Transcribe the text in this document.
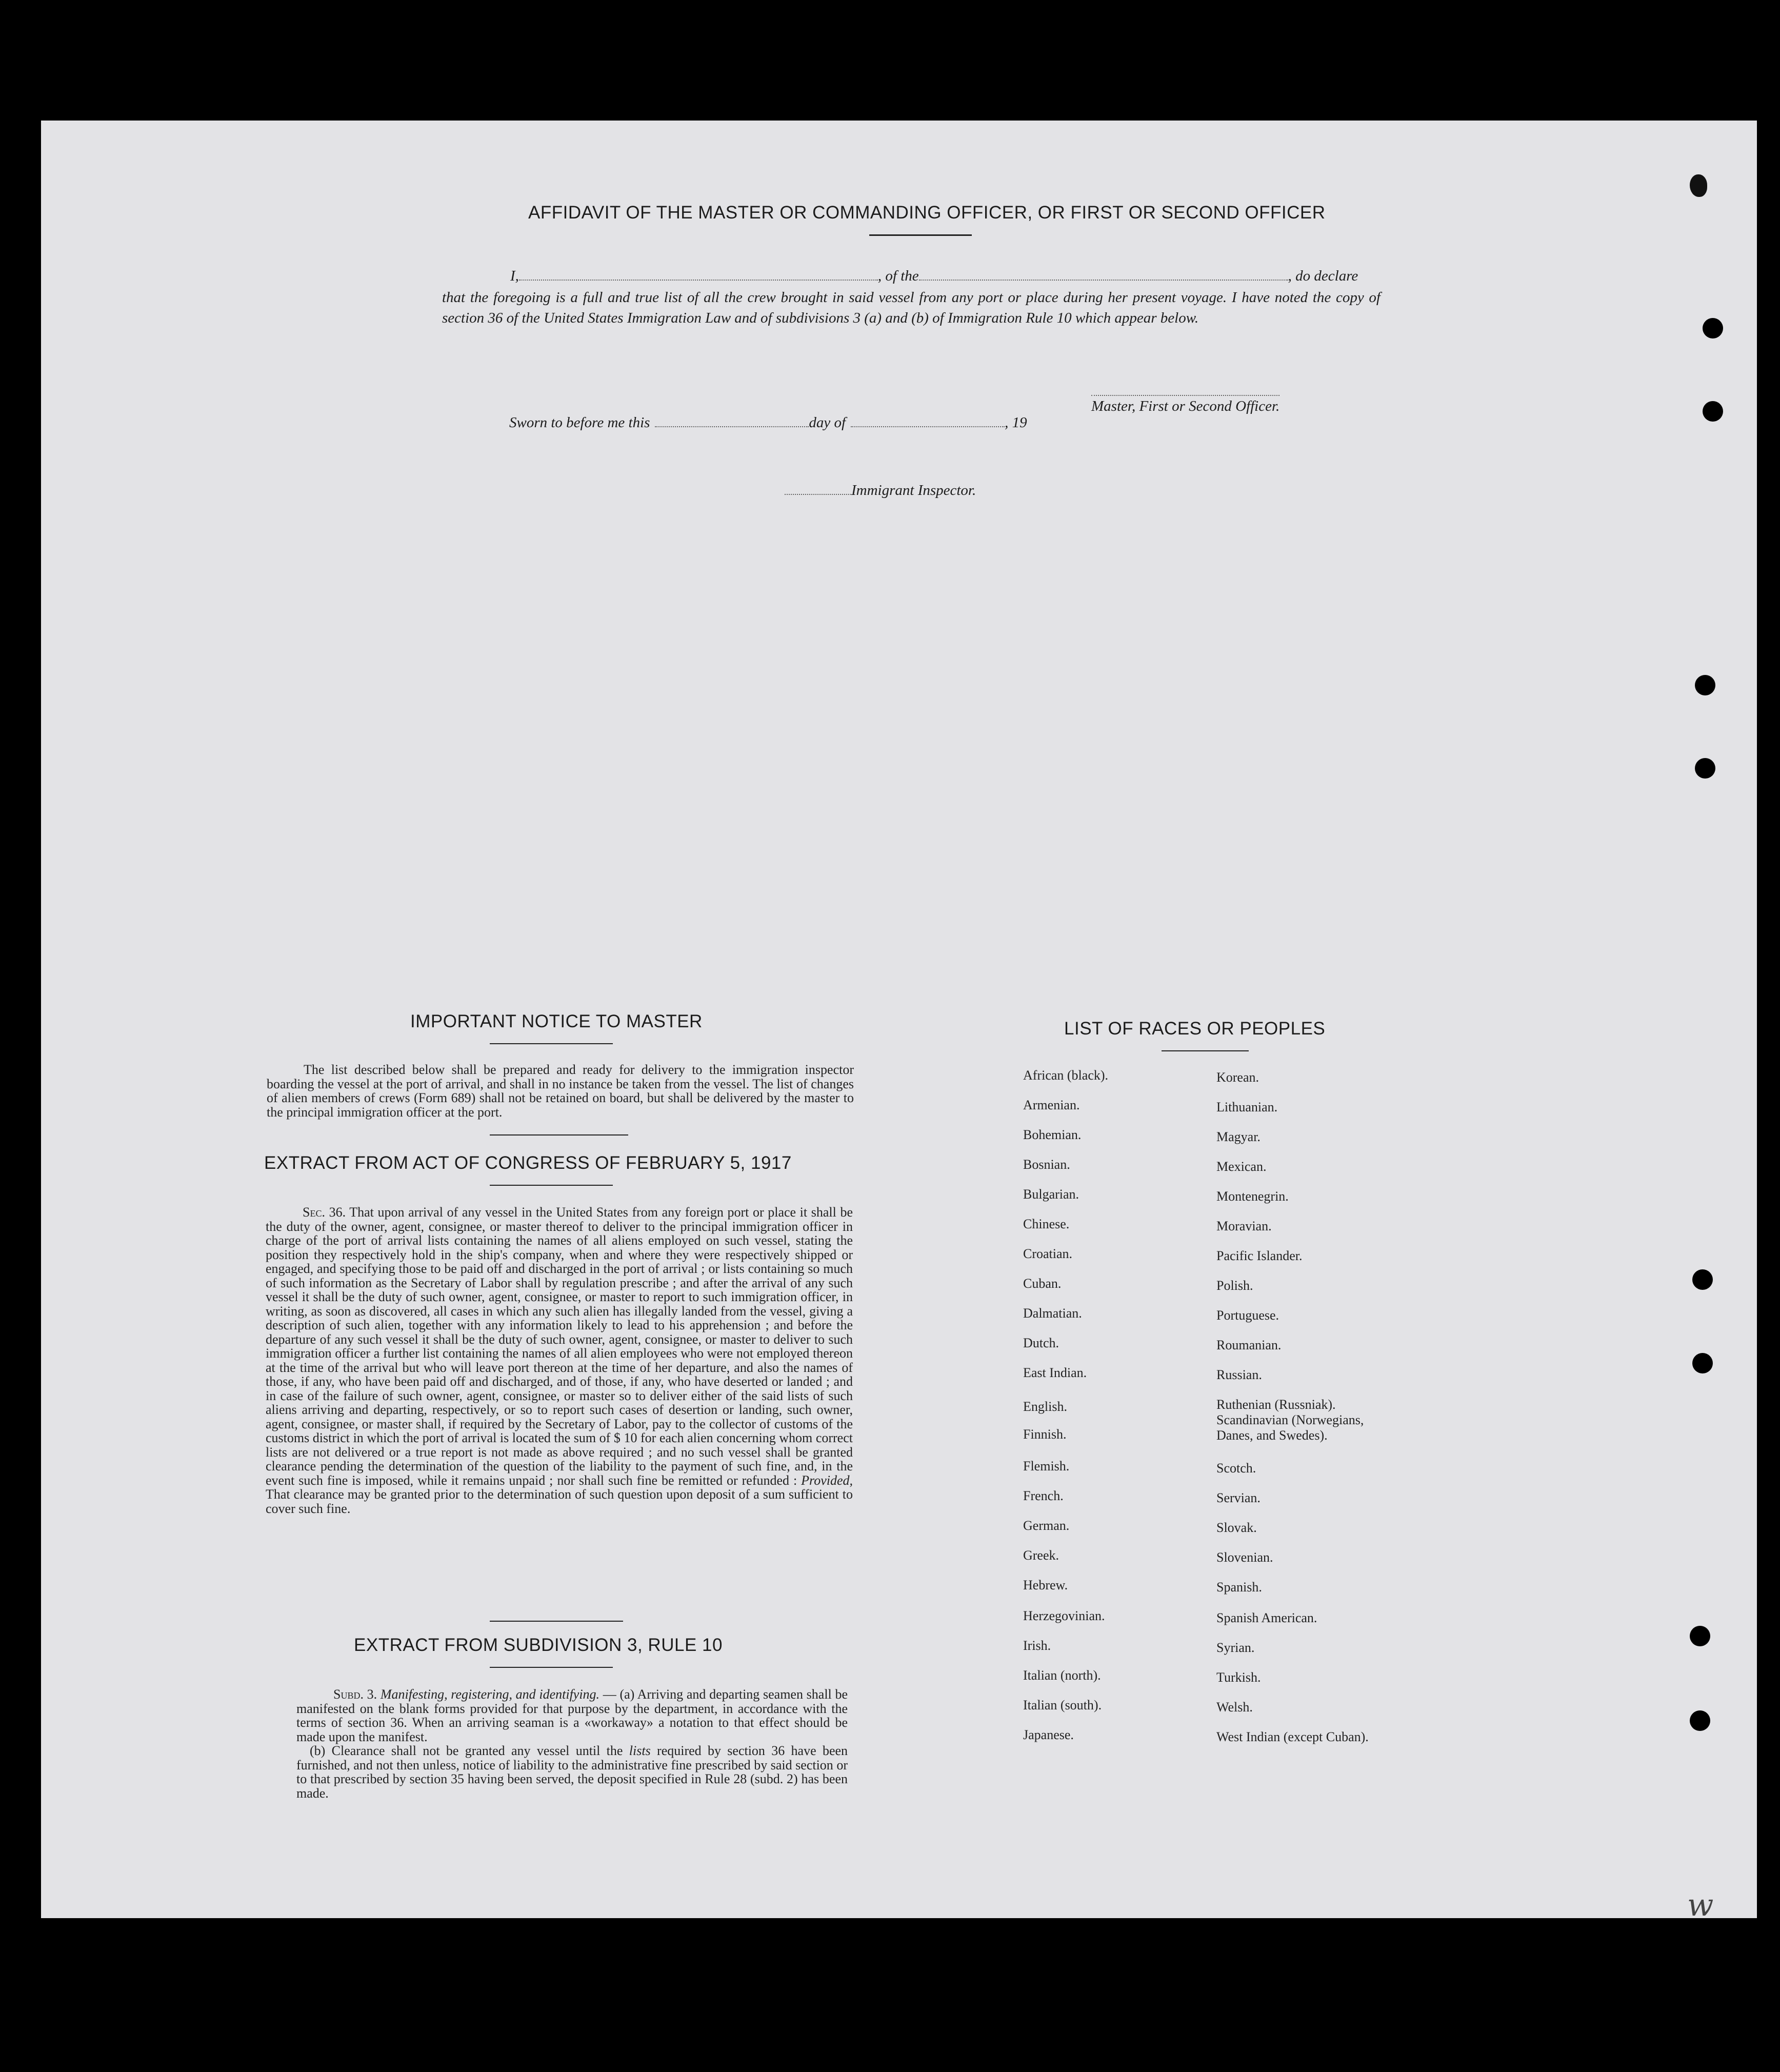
AFFIDAVIT OF THE MASTER OR COMMANDING OFFICER, OR FIRST OR SECOND OFFICER
I,	, of the	, do declare
that the foregoing is a full and true list of all the crew brought in said vessel from any port or place during her present voyage. I have noted the copy of section 36 of the United States Immigration Law and of subdivisions 3 (a) and (b) of Immigration Rule 10 which appear below.
Master, First or Second Officer.
Sworn to before me this	day of	, 19
Immigrant Inspector.
IMPORTANT NOTICE TO MASTER
The list described below shall be prepared and ready for delivery to the immigration inspector boarding the vessel at the port of arrival, and shall in no instance be taken from the vessel. The list of changes of alien members of crews (Form 689) shall not be retained on board, but shall be delivered by the master to the principal immigration officer at the port.
EXTRACT FROM ACT OF CONGRESS OF FEBRUARY 5, 1917
Sec. 36. That upon arrival of any vessel in the United States from any foreign port or place it shall be the duty of the owner, agent, consignee, or master thereof to deliver to the principal immigration officer in charge of the port of arrival lists containing the names of all aliens employed on such vessel, stating the position they respectively hold in the ship's company, when and where they were respectively shipped or engaged, and specifying those to be paid off and discharged in the port of arrival ; or lists containing so much of such information as the Secretary of Labor shall by regulation prescribe ; and after the arrival of any such vessel it shall be the duty of such owner, agent, consignee, or master to report to such immigration officer, in writing, as soon as discovered, all cases in which any such alien has illegally landed from the vessel, giving a description of such alien, together with any information likely to lead to his apprehension ; and before the departure of any such vessel it shall be the duty of such owner, agent, consignee, or master to deliver to such immigration officer a further list containing the names of all alien employees who were not employed thereon at the time of the arrival but who will leave port thereon at the time of her departure, and also the names of those, if any, who have been paid off and discharged, and of those, if any, who have deserted or landed ; and in case of the failure of such owner, agent, consignee, or master so to deliver either of the said lists of such aliens arriving and departing, respectively, or so to report such cases of desertion or landing, such owner, agent, consignee, or master shall, if required by the Secretary of Labor, pay to the collector of customs of the customs district in which the port of arrival is located the sum of $ 10 for each alien concerning whom correct lists are not delivered or a true report is not made as above required ; and no such vessel shall be granted clearance pending the determination of the question of the liability to the payment of such fine, and, in the event such fine is imposed, while it remains unpaid ; nor shall such fine be remitted or refunded : Provided, That clearance may be granted prior to the determination of such question upon deposit of a sum sufficient to cover such fine.
EXTRACT FROM SUBDIVISION 3, RULE 10

Subd. 3. Manifesting, registering, and identifying. — (a) Arriving and departing seamen shall be manifested on the blank forms provided for that purpose by the department, in accordance with the terms of section 36. When an arriving seaman is a «workaway» a notation to that effect should be made upon the manifest.

(b) Clearance shall not be granted any vessel until the lists required by section 36 have been furnished, and not then unless, notice of liability to the administrative fine prescribed by said section or to that prescribed by section 35 having been served, the deposit specified in Rule 28 (subd. 2) has been made.

LIST OF RACES OR PEOPLES
African (black).
Armenian.
Bohemian.
Bosnian.
Bulgarian.
Chinese.
Croatian.
Cuban.
Dalmatian.
Dutch.
East Indian.
English.
Finnish.
Flemish.
French.
German.
Greek.
Hebrew.
Herzegovinian.
Irish.
Italian (north).
Italian (south).
Japanese.
Korean.
Lithuanian.
Magyar.
Mexican.
Montenegrin.
Moravian.
Pacific Islander.
Polish.
Portuguese.
Roumanian.
Russian.
Ruthenian (Russniak).
Scandinavian (Norwegians,
Danes, and Swedes).
Scotch.
Servian.
Slovak.
Slovenian.
Spanish.
Spanish American.
Syrian.
Turkish.
Welsh.
West Indian (except Cuban).
w
